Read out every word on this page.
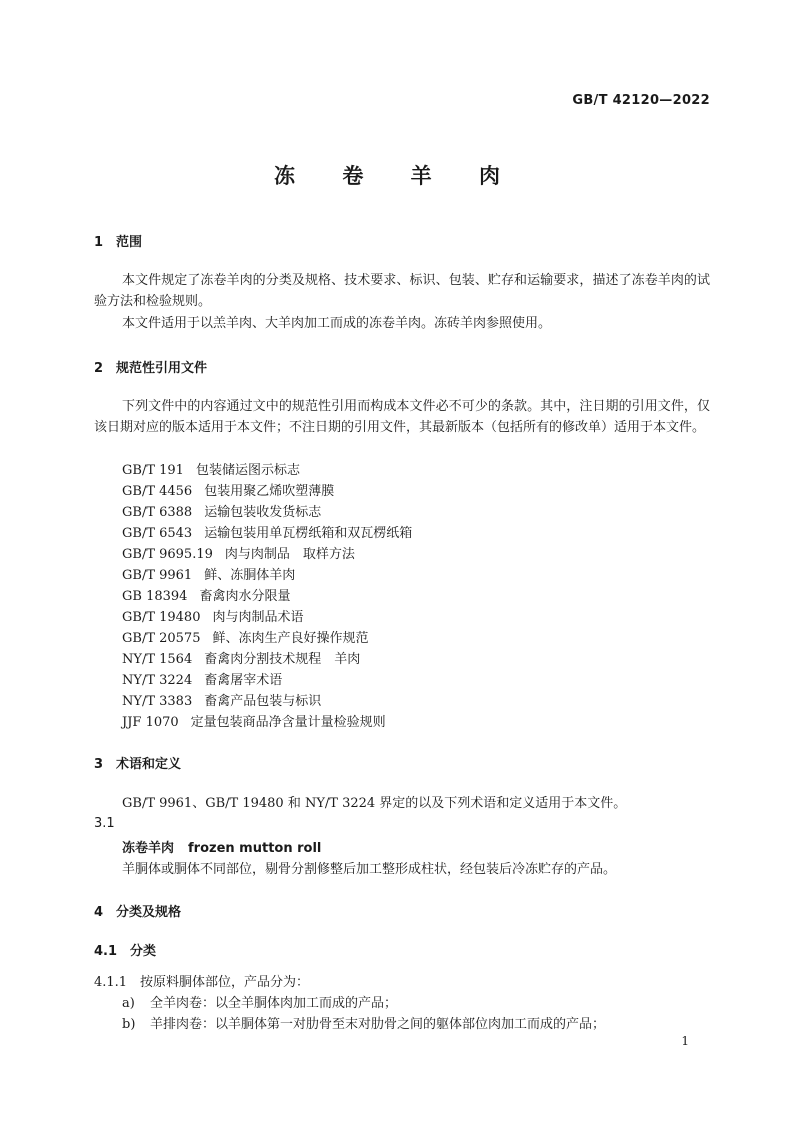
GB/T 42120—2022
冻 卷 羊 肉
1 范围
本文件规定了冻卷羊肉的分类及规格、技术要求、标识、包装、贮存和运输要求，描述了冻卷羊肉的试验方法和检验规则。
本文件适用于以羔羊肉、大羊肉加工而成的冻卷羊肉。冻砖羊肉参照使用。
2 规范性引用文件
下列文件中的内容通过文中的规范性引用而构成本文件必不可少的条款。其中，注日期的引用文件，仅该日期对应的版本适用于本文件；不注日期的引用文件，其最新版本（包括所有的修改单）适用于本文件。
GB/T 191 包装储运图示标志
GB/T 4456 包装用聚乙烯吹塑薄膜
GB/T 6388 运输包装收发货标志
GB/T 6543 运输包装用单瓦楞纸箱和双瓦楞纸箱
GB/T 9695.19 肉与肉制品　取样方法
GB/T 9961 鲜、冻胴体羊肉
GB 18394 畜禽肉水分限量
GB/T 19480 肉与肉制品术语
GB/T 20575 鲜、冻肉生产良好操作规范
NY/T 1564 畜禽肉分割技术规程　羊肉
NY/T 3224 畜禽屠宰术语
NY/T 3383 畜禽产品包装与标识
JJF 1070 定量包装商品净含量计量检验规则
3 术语和定义
GB/T 9961、GB/T 19480 和 NY/T 3224 界定的以及下列术语和定义适用于本文件。
3.1
冻卷羊肉 frozen mutton roll
羊胴体或胴体不同部位，剔骨分割修整后加工整形成柱状，经包装后冷冻贮存的产品。
4 分类及规格
4.1 分类
4.1.1 按原料胴体部位，产品分为：
a) 全羊肉卷：以全羊胴体肉加工而成的产品；
b) 羊排肉卷：以羊胴体第一对肋骨至末对肋骨之间的躯体部位肉加工而成的产品；
1
